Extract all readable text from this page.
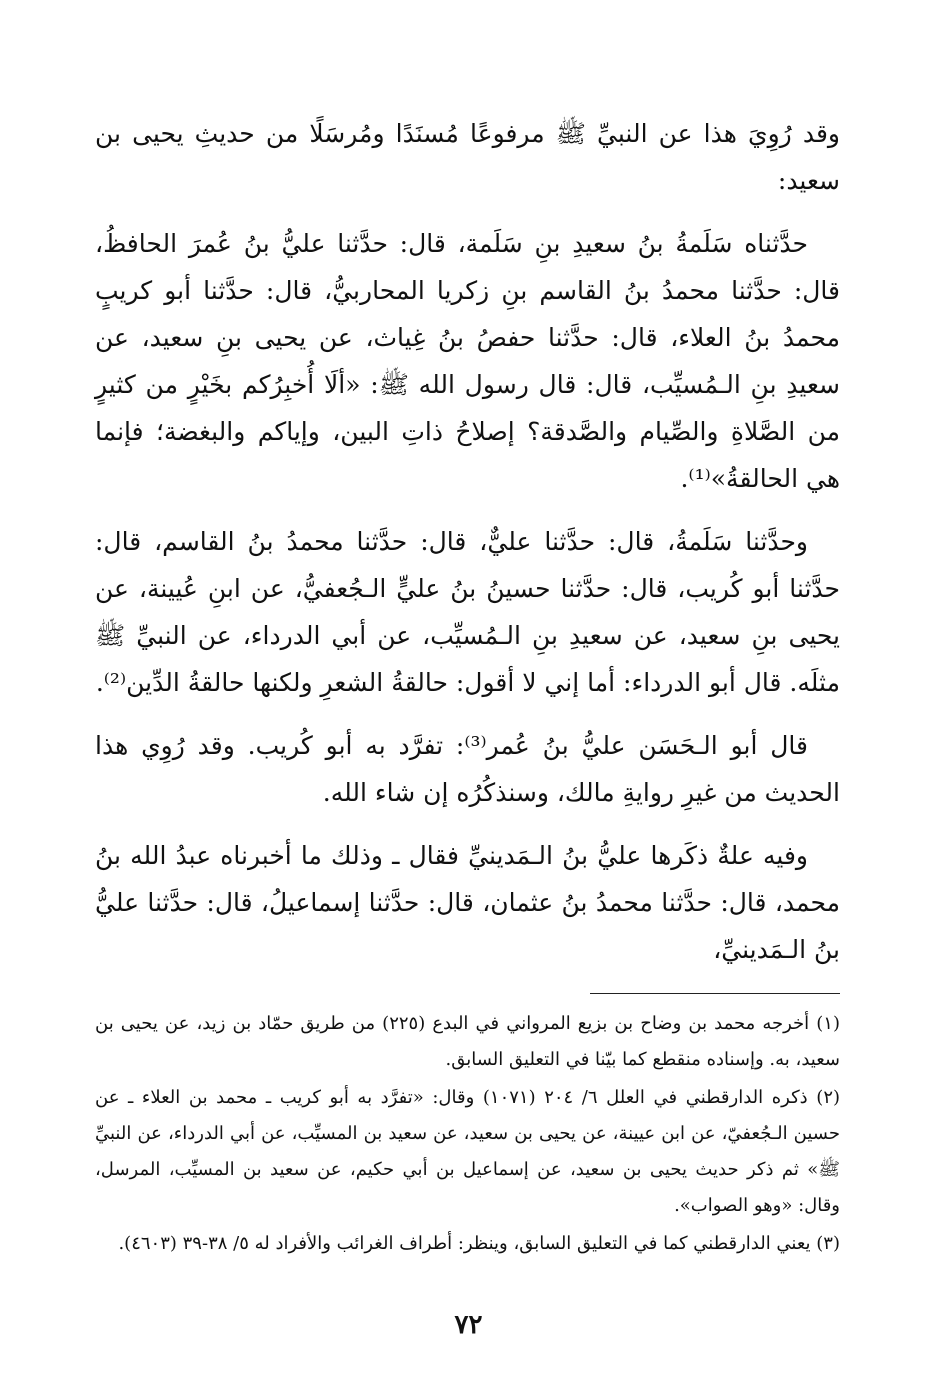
وقد رُوِيَ هذا عن النبيِّ ﷺ مرفوعًا مُسنَدًا ومُرسَلًا من حديثِ يحيى بن سعيد:

حدَّثناه سَلَمةُ بنُ سعيدِ بنِ سَلَمة، قال: حدَّثنا عليُّ بنُ عُمرَ الحافظُ، قال: حدَّثنا محمدُ بنُ القاسم بنِ زكريا المحاربيُّ، قال: حدَّثنا أبو كريبٍ محمدُ بنُ العلاء، قال: حدَّثنا حفصُ بنُ غِياث، عن يحيى بنِ سعيد، عن سعيدِ بنِ الـمُسيِّب، قال: قال رسول الله ﷺ: «ألَا أُخبِرُكم بخَيْرٍ من كثيرٍ من الصَّلاةِ والصِّيام والصَّدقة؟ إصلاحُ ذاتِ البين، وإياكم والبغضة؛ فإنما هي الحالقةُ»⁽¹⁾.

وحدَّثنا سَلَمةُ، قال: حدَّثنا عليٌّ، قال: حدَّثنا محمدُ بنُ القاسم، قال: حدَّثنا أبو كُريب، قال: حدَّثنا حسينُ بنُ عليٍّ الـجُعفيُّ، عن ابنِ عُيينة، عن يحيى بنِ سعيد، عن سعيدِ بنِ الـمُسيِّب، عن أبي الدرداء، عن النبيِّ ﷺ مثلَه. قال أبو الدرداء: أما إني لا أقول: حالقةُ الشعرِ ولكنها حالقةُ الدِّين⁽²⁾.

قال أبو الـحَسَن عليُّ بنُ عُمر⁽³⁾: تفرَّد به أبو كُريب. وقد رُوِي هذا الحديث من غيرِ روايةِ مالك، وسنذكُرُه إن شاء الله.

وفيه علةٌ ذكَرها عليُّ بنُ الـمَدينيِّ فقال ـ وذلك ما أخبرناه عبدُ الله بنُ محمد، قال: حدَّثنا محمدُ بنُ عثمان، قال: حدَّثنا إسماعيلُ، قال: حدَّثنا عليُّ بنُ الـمَدينيِّ،

(١) أخرجه محمد بن وضاح بن بزيع المرواني في البدع (٢٢٥) من طريق حمّاد بن زيد، عن يحيى بن سعيد، به. وإسناده منقطع كما بيّنا في التعليق السابق.

(٢) ذكره الدارقطني في العلل ٦/ ٢٠٤ (١٠٧١) وقال: «تفرَّد به أبو كريب ـ محمد بن العلاء ـ عن حسين الـجُعفيّ، عن ابن عيينة، عن يحيى بن سعيد، عن سعيد بن المسيِّب، عن أبي الدرداء، عن النبيِّ ﷺ» ثم ذكر حديث يحيى بن سعيد، عن إسماعيل بن أبي حكيم، عن سعيد بن المسيِّب، المرسل، وقال: «وهو الصواب».

(٣) يعني الدارقطني كما في التعليق السابق، وينظر: أطراف الغرائب والأفراد له ٥/ ٣٨-٣٩ (٤٦٠٣).

٧٢
